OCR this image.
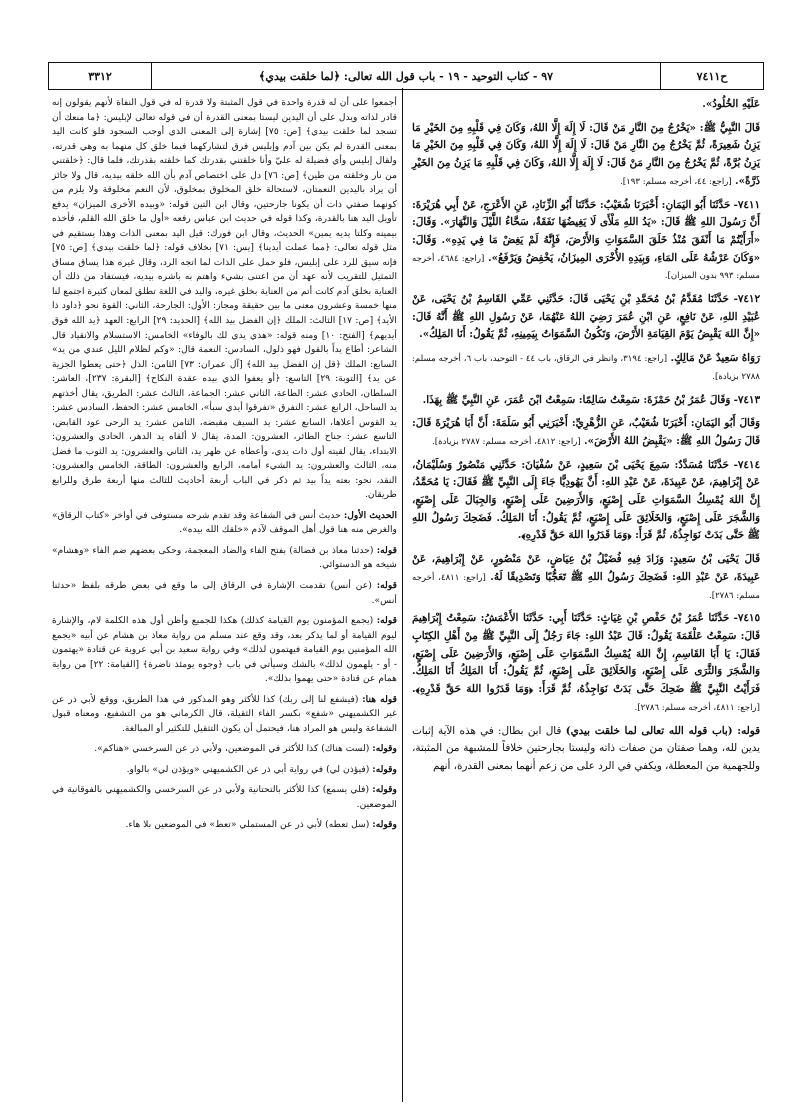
ح٧٤١١
٩٧ - كتاب التوحيد - ١٩ - باب قول الله تعالى: ﴿لما خلقت بيدي﴾
٣٣١٢

عَلَيْهِ الخُلُودُ».

قَالَ النَّبِيُّ ﷺ: «يَخْرُجُ مِنَ النَّارِ مَنْ قَالَ: لَا إِلَهَ إِلَّا اللهُ، وَكَانَ فِي قَلْبِهِ مِنَ الخَيْرِ مَا يَزِنُ شَعِيرَةً، ثُمَّ يَخْرُجُ مِنَ النَّارِ مَنْ قَالَ: لَا إِلَهَ إِلَّا اللهُ، وَكَانَ فِي قَلْبِهِ مِنَ الخَيْرِ مَا يَزِنُ بُرَّةً، ثُمَّ يَخْرُجُ مِنَ النَّارِ مَنْ قَالَ: لَا إِلَهَ إِلَّا اللهُ، وَكَانَ فِي قَلْبِهِ مَا يَزِنُ مِنَ الخَيْرِ ذَرَّةً». [راجع: ٤٤، أخرجه مسلم: ١٩٣].

٧٤١١- حَدَّثَنَا أَبُو اليَمَانِ: أَخْبَرَنَا شُعَيْبٌ: حَدَّثَنَا أَبُو الزِّنَادِ، عَنِ الأَعْرَجِ، عَنْ أَبِي هُرَيْرَةَ: أَنَّ رَسُولَ اللهِ ﷺ قَالَ: «يَدُ اللهِ مَلْأَى لَا يَغِيضُهَا نَفَقَةٌ، سَحَّاءُ اللَّيْلَ وَالنَّهَارَ». وَقَالَ: «أَرَأَيْتُمْ مَا أَنْفَقَ مُنْذُ خَلَقَ السَّمَوَاتِ وَالأَرْضَ، فَإِنَّهُ لَمْ يَغِضْ مَا فِي يَدِهِ». وَقَالَ: «وَكَانَ عَرْشُهُ عَلَى المَاءِ، وَبِيَدِهِ الأُخْرَى المِيزَانُ، يَخْفِضُ وَيَرْفَعُ». [راجع: ٤٦٨٤، أخرجه مسلم: ٩٩٣ بدون الميزان].

٧٤١٢- حَدَّثَنَا مُقَدَّمُ بْنُ مُحَمَّدِ بْنِ يَحْيَى قَالَ: حَدَّثَنِي عَمِّي القَاسِمُ بْنُ يَحْيَى، عَنْ عُبَيْدِ اللهِ، عَنْ نَافِعٍ، عَنِ ابْنِ عُمَرَ رَضِيَ اللهُ عَنْهُمَا، عَنْ رَسُولِ اللهِ ﷺ أَنَّهُ قَالَ: «إِنَّ اللهَ يَقْبِضُ يَوْمَ القِيَامَةِ الأَرْضَ، وَتَكُونُ السَّمَوَاتُ بِيَمِينِهِ، ثُمَّ يَقُولُ: أَنَا المَلِكُ».

رَوَاهُ سَعِيدٌ عَنْ مَالِكٍ. [راجع: ٣١٩٤، وانظر في الرقاق، باب ٤٤ - التوحيد، باب ٦، أخرجه مسلم: ٢٧٨٨ بزيادة].

٧٤١٣- وَقَالَ عُمَرُ بْنُ حَمْزَةَ: سَمِعْتُ سَالِمًا: سَمِعْتُ ابْنَ عُمَرَ، عَنِ النَّبِيِّ ﷺ بِهَذَا.

وَقَالَ أَبُو اليَمَانِ: أَخْبَرَنَا شُعَيْبٌ، عَنِ الزُّهْرِيِّ: أَخْبَرَنِي أَبُو سَلَمَةَ: أَنَّ أَبَا هُرَيْرَةَ قَالَ: قَالَ رَسُولُ اللهِ ﷺ: «يَقْبِضُ اللهُ الأَرْضَ». [راجع: ٤٨١٢، أخرجه مسلم: ٢٧٨٧ بزيادة].

٧٤١٤- حَدَّثَنَا مُسَدَّدٌ: سَمِعَ يَحْيَى بْنَ سَعِيدٍ، عَنْ سُفْيَانَ: حَدَّثَنِي مَنْصُورٌ وَسُلَيْمَانُ، عَنْ إِبْرَاهِيمَ، عَنْ عَبِيدَةَ، عَنْ عَبْدِ اللهِ: أَنَّ يَهُودِيًّا جَاءَ إِلَى النَّبِيِّ ﷺ فَقَالَ: يَا مُحَمَّدُ، إِنَّ اللهَ يُمْسِكُ السَّمَوَاتِ عَلَى إِصْبَعٍ، وَالأَرَضِينَ عَلَى إِصْبَعٍ، وَالجِبَالَ عَلَى إِصْبَعٍ، وَالشَّجَرَ عَلَى إِصْبَعٍ، وَالخَلَائِقَ عَلَى إِصْبَعٍ، ثُمَّ يَقُولُ: أَنَا المَلِكُ. فَضَحِكَ رَسُولُ اللهِ ﷺ حَتَّى بَدَتْ نَوَاجِذُهُ، ثُمَّ قَرَأَ: ﴿وَمَا قَدَرُوا اللهَ حَقَّ قَدْرِهِ﴾.

قَالَ يَحْيَى بْنُ سَعِيدٍ: وَزَادَ فِيهِ فُضَيْلُ بْنُ عِيَاضٍ، عَنْ مَنْصُورٍ، عَنْ إِبْرَاهِيمَ، عَنْ عَبِيدَةَ، عَنْ عَبْدِ اللهِ: فَضَحِكَ رَسُولُ اللهِ ﷺ تَعَجُّبًا وَتَصْدِيقًا لَهُ. [راجع: ٤٨١١، أخرجه مسلم: ٢٧٨٦].

٧٤١٥- حَدَّثَنَا عُمَرُ بْنُ حَفْصِ بْنِ غِيَاثٍ: حَدَّثَنَا أَبِي: حَدَّثَنَا الأَعْمَشُ: سَمِعْتُ إِبْرَاهِيمَ قَالَ: سَمِعْتُ عَلْقَمَةَ يَقُولُ: قَالَ عَبْدُ اللهِ: جَاءَ رَجُلٌ إِلَى النَّبِيِّ ﷺ مِنْ أَهْلِ الكِتَابِ فَقَالَ: يَا أَبَا القَاسِمِ، إِنَّ اللهَ يُمْسِكُ السَّمَوَاتِ عَلَى إِصْبَعٍ، وَالأَرَضِينَ عَلَى إِصْبَعٍ، وَالشَّجَرَ وَالثَّرَى عَلَى إِصْبَعٍ، وَالخَلَائِقَ عَلَى إِصْبَعٍ، ثُمَّ يَقُولُ: أَنَا المَلِكُ أَنَا المَلِكُ. فَرَأَيْتُ النَّبِيَّ ﷺ ضَحِكَ حَتَّى بَدَتْ نَوَاجِذُهُ، ثُمَّ قَرَأَ: ﴿وَمَا قَدَرُوا اللهَ حَقَّ قَدْرِهِ﴾. [راجع: ٤٨١١، أخرجه مسلم: ٢٧٨٦].

قوله: (باب قوله الله تعالى لما خلقت بيدي) قال ابن بطال: في هذه الآية إثبات يدين لله، وهما صفتان من صفات ذاته وليستا بجارحتين خلافاً للمشبهة من المثبتة، وللجهمية من المعطلة، ويكفي في الرد على من زعم أنهما بمعنى القدرة، أنهم

أجمعوا على أن له قدرة واحدة في قول المثبتة ولا قدرة له في قول النفاة لأنهم يقولون إنه قادر لذاته ويدل على أن اليدين ليستا بمعنى القدرة أن في قوله تعالى لإبليس: ﴿ما منعك أن تسجد لما خلقت بيدي﴾ [ص: ٧٥] إشارة إلى المعنى الذي أوجب السجود فلو كانت اليد بمعنى القدرة لم يكن بين آدم وإبليس فرق لتشاركهما فيما خلق كل منهما به وهي قدرته، ولقال إبليس وأي فضيلة له عليّ وأنا خلقتني بقدرتك كما خلقته بقدرتك، فلما قال: ﴿خلقتني من نار وخلقته من طين﴾ [ص: ٧٦] دل على اختصاص آدم بأن الله خلقه بيديه، قال ولا جائز أن يراد باليدين النعمتان، لاستحالة خلق المخلوق بمخلوق، لأن النعم مخلوقة ولا يلزم من كونهما صفتي ذات أن يكونا جارحتين، وقال ابن التين قوله: «وبيده الأخرى الميزان» يدفع تأويل اليد هنا بالقدرة، وكذا قوله في حديث ابن عباس رفعه «أول ما خلق الله القلم، فأخذه بيمينه وكلتا يديه يمين» الحديث، وقال ابن فورك: قيل اليد بمعنى الذات وهذا يستقيم في مثل قوله تعالى: ﴿مما عملت أيدينا﴾ [يس: ٧١] بخلاف قوله: ﴿لما خلقت بيدي﴾ [ص: ٧٥] فإنه سيق للرد على إبليس، فلو حمل على الذات لما اتجه الرد، وقال غيره هذا يساق مساق التمثيل للتقريب لأنه عهد أن من اعتنى بشيء واهتم به باشره بيديه، فيستفاد من ذلك أن العناية بخلق آدم كانت أتم من العناية بخلق غيره، واليد في اللغة تطلق لمعان كثيرة اجتمع لنا منها خمسة وعشرون معنى ما بين حقيقة ومجاز: الأول: الجارحة، الثاني: القوة نحو ﴿داود ذا الأيد﴾ [ص: ١٧] الثالث: الملك ﴿إن الفضل بيد الله﴾ [الحديد: ٢٩] الرابع: العهد ﴿يد الله فوق أيديهم﴾ [الفتح: ١٠] ومنه قوله: «هذي يدي لك بالوفاء» الخامس: الاستسلام والانقياد قال الشاعر: أطاع يداً بالقول فهو ذلول، السادس: النعمة قال: «وكم لظلام الليل عندي من يد» السابع: الملك ﴿قل إن الفضل بيد الله﴾ [آل عمران: ٧٣] الثامن: الذل ﴿حتى يعطوا الجزية عن يد﴾ [التوبة: ٢٩] التاسع: ﴿أو يعفوا الذي بيده عقدة النكاح﴾ [البقرة: ٢٣٧]، العاشر: السلطان، الحادي عشر: الطاعة، الثاني عشر: الجماعة، الثالث عشر: الطريق، يقال أخذتهم يد الساحل، الرابع عشر: التفرق «تفرقوا أيدي سبأ»، الخامس عشر: الحفظ، السادس عشر: يد القوس أعلاها، السابع عشر: يد السيف مقبضه، الثامن عشر: يد الرحى عود القابض، التاسع عشر: جناح الطائر، العشرون: المدة، يقال لا ألقاه يد الدهر، الحادي والعشرون: الابتداء، يقال لقيته أول ذات يدي، وأعطاه عن ظهر يد، الثاني والعشرون: يد الثوب ما فضل منه، الثالث والعشرون: يد الشيء أمامه، الرابع والعشرون: الطاقة، الخامس والعشرون: النقد، نحو: بعته يداً بيد ثم ذكر في الباب أربعة أحاديث للثالث منها أربعة طرق وللرابع طريقان.

الحديث الأول: حديث أنس في الشفاعة وقد تقدم شرحه مستوفى في أواخر «كتاب الرقاق» والغرض منه هنا قول أهل الموقف لآدم «خلقك الله بيده».

قوله: (حدثنا معاذ بن فضالة) بفتح الفاء والضاد المعجمة، وحكى بعضهم ضم الفاء «وهشام» شيخه هو الدستوائي.

قوله: (عن أنس) تقدمت الإشارة في الرقاق إلى ما وقع في بعض طرقه بلفظ «حدثنا أنس».

قوله: (يجمع المؤمنون يوم القيامة كذلك) هكذا للجميع وأظن أول هذه الكلمة لام، والإشارة ليوم القيامة أو لما يذكر بعد، وقد وقع عند مسلم من رواية معاذ بن هشام عن أبيه «يجمع الله المؤمنين يوم القيامة فيهتمون لذلك» وفي رواية سعيد بن أبي عروبة عن قتادة «يهتمون - أو - يلهمون لذلك» بالشك وسيأتي في باب ﴿وجوه يومئذ ناضرة﴾ [القيامة: ٢٢] من رواية همام عن قتادة «حتى يهموا بذلك».

قوله هنا: (فيشفع لنا إلى ربك) كذا للأكثر وهو المذكور في هذا الطريق، ووقع لأبي ذر عن غير الكشميهني «شفع» بكسر الفاء الثقيلة، قال الكرماني هو من التشفيع، ومعناه قبول الشفاعة وليس هو المراد هنا، فيحتمل أن يكون التثقيل للتكثير أو المبالغة.

وقوله: (لست هناك) كذا للأكثر في الموضعين، ولأبي ذر عن السرخسي «هناكم».

وقوله: (فيؤذن لي) في رواية أبي ذر عن الكشميهني «ويؤذن لي» بالواو.

وقوله: (فلي يسمع) كذا للأكثر بالتحتانية ولأبي ذر عن السرخسي والكشميهني بالفوقانية في الموضعين.

وقوله: (سل تعطه) لأبي ذر عن المستملي «تعط» في الموضعين بلا هاء.
